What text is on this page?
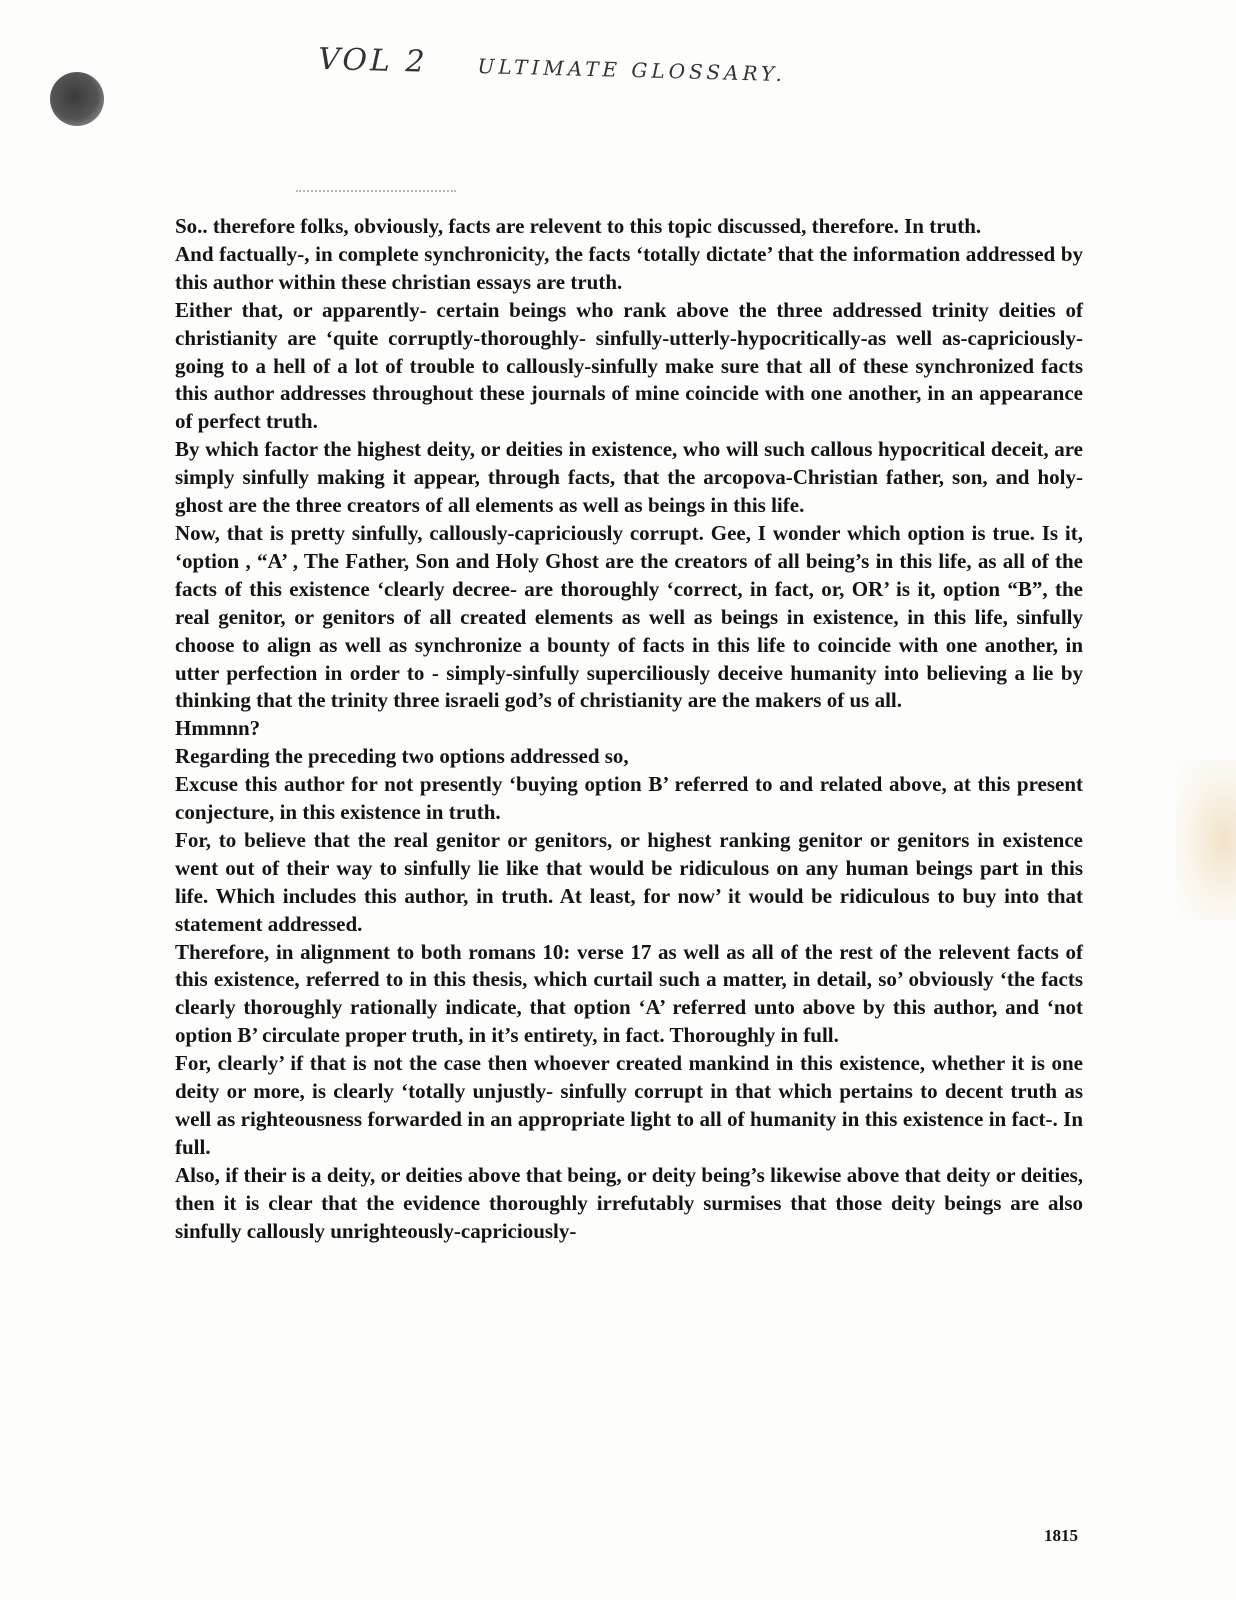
VOL 2 ULTIMATE GLOSSARY.

So.. therefore folks, obviously, facts are relevent to this topic discussed, therefore. In truth.

And factually-, in complete synchronicity, the facts ‘totally dictate’ that the information addressed by this author within these christian essays are truth.

Either that, or apparently- certain beings who rank above the three addressed trinity deities of christianity are ‘quite corruptly-thoroughly- sinfully-utterly-hypocritically-as well as-capriciously- going to a hell of a lot of trouble to callously-sinfully make sure that all of these synchronized facts this author addresses throughout these journals of mine coincide with one another, in an appearance of perfect truth.

By which factor the highest deity, or deities in existence, who will such callous hypocritical deceit, are simply sinfully making it appear, through facts, that the arcopova-Christian father, son, and holy-ghost are the three creators of all elements as well as beings in this life.

Now, that is pretty sinfully, callously-capriciously corrupt. Gee, I wonder which option is true. Is it, ‘option , “A’ , The Father, Son and Holy Ghost are the creators of all being’s in this life, as all of the facts of this existence ‘clearly decree- are thoroughly ‘correct, in fact, or, OR’ is it, option “B”, the real genitor, or genitors of all created elements as well as beings in existence, in this life, sinfully choose to align as well as synchronize a bounty of facts in this life to coincide with one another, in utter perfection in order to - simply-sinfully superciliously deceive humanity into believing a lie by thinking that the trinity three israeli god’s of christianity are the makers of us all.

Hmmnn?

Regarding the preceding two options addressed so,

Excuse this author for not presently ‘buying option B’ referred to and related above, at this present conjecture, in this existence in truth.

For, to believe that the real genitor or genitors, or highest ranking genitor or genitors in existence went out of their way to sinfully lie like that would be ridiculous on any human beings part in this life. Which includes this author, in truth. At least, for now’ it would be ridiculous to buy into that statement addressed.

Therefore, in alignment to both romans 10: verse 17 as well as all of the rest of the relevent facts of this existence, referred to in this thesis, which curtail such a matter, in detail, so’ obviously ‘the facts clearly thoroughly rationally indicate, that option ‘A’ referred unto above by this author, and ‘not option B’ circulate proper truth, in it’s entirety, in fact. Thoroughly in full.

For, clearly’ if that is not the case then whoever created mankind in this existence, whether it is one deity or more, is clearly ‘totally unjustly- sinfully corrupt in that which pertains to decent truth as well as righteousness forwarded in an appropriate light to all of humanity in this existence in fact-. In full.

Also, if their is a deity, or deities above that being, or deity being’s likewise above that deity or deities, then it is clear that the evidence thoroughly irrefutably surmises that those deity beings are also sinfully callously unrighteously-capriciously-

1815
